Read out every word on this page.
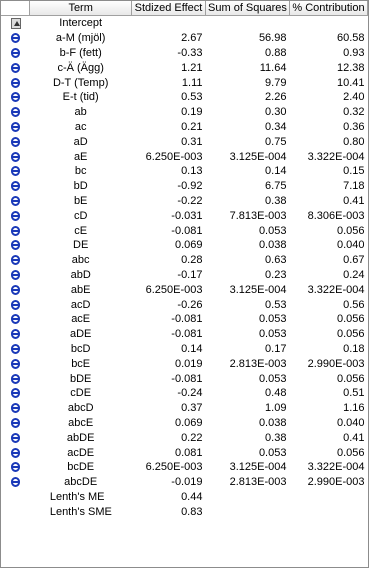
	Term	Stdized Effect	Sum of Squares	% Contribution
	Intercept			
	a-M (mjöl)	2.67	56.98	60.58
	b-F (fett)	-0.33	0.88	0.93
	c-Ä (Ägg)	1.21	11.64	12.38
	D-T (Temp)	1.11	9.79	10.41
	E-t (tid)	0.53	2.26	2.40
	ab	0.19	0.30	0.32
	ac	0.21	0.34	0.36
	aD	0.31	0.75	0.80
	aE	6.250E-003	3.125E-004	3.322E-004
	bc	0.13	0.14	0.15
	bD	-0.92	6.75	7.18
	bE	-0.22	0.38	0.41
	cD	-0.031	7.813E-003	8.306E-003
	cE	-0.081	0.053	0.056
	DE	0.069	0.038	0.040
	abc	0.28	0.63	0.67
	abD	-0.17	0.23	0.24
	abE	6.250E-003	3.125E-004	3.322E-004
	acD	-0.26	0.53	0.56
	acE	-0.081	0.053	0.056
	aDE	-0.081	0.053	0.056
	bcD	0.14	0.17	0.18
	bcE	0.019	2.813E-003	2.990E-003
	bDE	-0.081	0.053	0.056
	cDE	-0.24	0.48	0.51
	abcD	0.37	1.09	1.16
	abcE	0.069	0.038	0.040
	abDE	0.22	0.38	0.41
	acDE	0.081	0.053	0.056
	bcDE	6.250E-003	3.125E-004	3.322E-004
	abcDE	-0.019	2.813E-003	2.990E-003
	Lenth's ME	0.44		
	Lenth's SME	0.83		
